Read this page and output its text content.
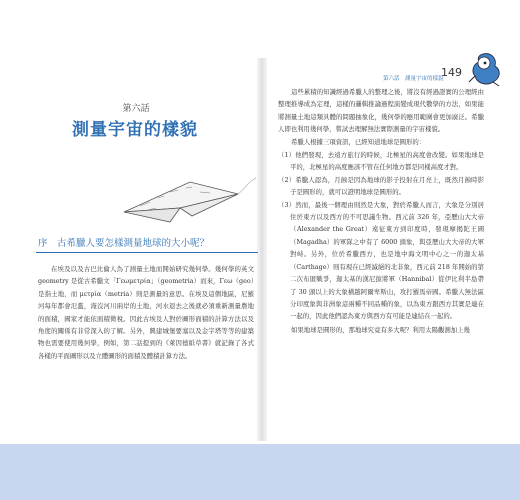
第六話
測量宇宙的樣貌
序　古希臘人要怎樣測量地球的大小呢？

在埃及以及古巴比倫人為了測量土地而開始研究幾何學。幾何學的英文 geometry 是從古希臘文「Γεωμετρία」（geometria）而來，Γεω（geo）是指土地，而 μετρία（metria）則是測量的意思。在埃及這個地區，尼羅河每年都會氾濫，淹沒河川兩岸的土地，河水退去之後就必須重新測量農地的面積，國家才能依面積徵稅。因此古埃及人對於圖形面積的計算方法以及角度的關係有非常深入的了解。另外，興建城堡要塞以及金字塔等等的建築物也需要使用幾何學，例如，第二話提到的《萊因德紙草書》就記錄了各式各樣的平面圖形以及立體圖形的面積及體積計算方法。

第六話　測量宇宙的樣貌
149

這些累積的知識經過希臘人的整理之後，將沒有經過證實的公理經由整理推導成為定理，這樣的邏輯推論過程演變成現代數學的方法，如果能將測量土地這類具體的問題抽象化，幾何學的應用範圍會更加廣泛。希臘人即也利用幾何學，嘗試去理解無法實際測量的宇宙樣貌。

希臘人根據三項資訊，已經知道地球是圓形的：

（1）他們發現，去遠方旅行的時候，北極星的高度會改變。如果地球是平的，北極星的高度應該不管在任何地方都是同樣高度才對。
（2）希臘人認為，月蝕是因為地球的影子投射在月亮上，既然月蝕時影子是圓形的，就可以證明地球是圓形的。
（3）然而，最後一個理由則然是大象，對於希臘人而言，大象是分別居住於東方以及西方的不可思議生物。西元前 326 年，亞歷山大大帝（Alexander the Great）遠征東方到印度時，發現摩揭陀王國（Magadha）的軍隊之中有了 6000 頭象，與亞歷山大大帝的大軍對峙。另外，位於希臘西方，也是地中海文明中心之一的迦太基（Carthage）則有現在已經滅絕的北非象，西元前 218 年開始的第二次布匿戰爭，迦太基的漢尼拔將軍（Hannibal）從伊比利半島帶了 30 頭以上的大象橫越阿爾卑斯山，攻打羅馬帝國。希臘人無法區分印度象與非洲象這兩種不同品種的象，以為東方跟西方其實是連在一起的，因此他們認為東方與西方有可能是連結在一起的。

如果地球是圓形的，那地球究竟有多大呢？利用太陽觀測加上幾
